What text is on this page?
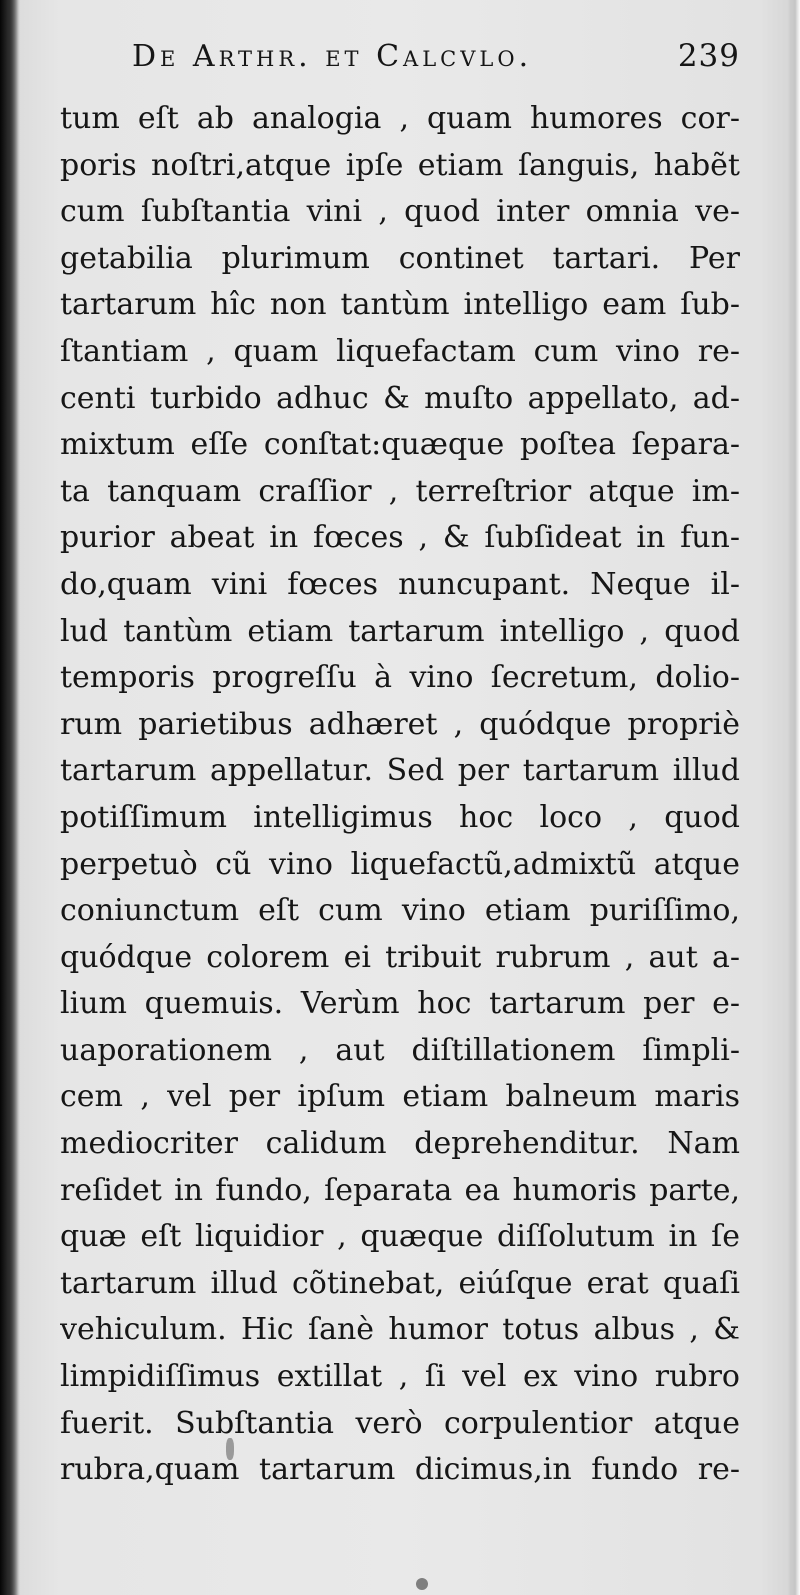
De Arthr. et Calcvlo.	239
tum eſt ab analogia , quam humores cor-
poris noſtri,atque ipſe etiam ſanguis, habẽt
cum ſubſtantia vini , quod inter omnia ve-
getabilia plurimum continet tartari. Per
tartarum hîc non tantùm intelligo eam ſub-
ſtantiam , quam liquefactam cum vino re-
centi turbido adhuc & muſto appellato, ad-
mixtum eſſe conſtat:quæque poſtea ſepara-
ta tanquam craſſior , terreſtrior atque im-
purior abeat in fœces , & ſubſideat in fun-
do,quam vini fœces nuncupant. Neque il-
lud tantùm etiam tartarum intelligo , quod
temporis progreſſu à vino ſecretum, dolio-
rum parietibus adhæret , quódque propriè
tartarum appellatur. Sed per tartarum illud
potiſſimum intelligimus hoc loco , quod
perpetuò cũ vino liquefactũ,admixtũ atque
coniunctum eſt cum vino etiam puriſſimo,
quódque colorem ei tribuit rubrum , aut a-
lium quemuis. Verùm hoc tartarum per e-
uaporationem , aut diſtillationem ſimpli-
cem , vel per ipſum etiam balneum maris
mediocriter calidum deprehenditur. Nam
reſidet in fundo, ſeparata ea humoris parte,
quæ eſt liquidior , quæque diſſolutum in ſe
tartarum illud cõtinebat, eiúſque erat quaſi
vehiculum. Hic ſanè humor totus albus , &
limpidiſſimus extillat , ſi vel ex vino rubro
fuerit. Subſtantia verò corpulentior atque
rubra,quam tartarum dicimus,in fundo re-
